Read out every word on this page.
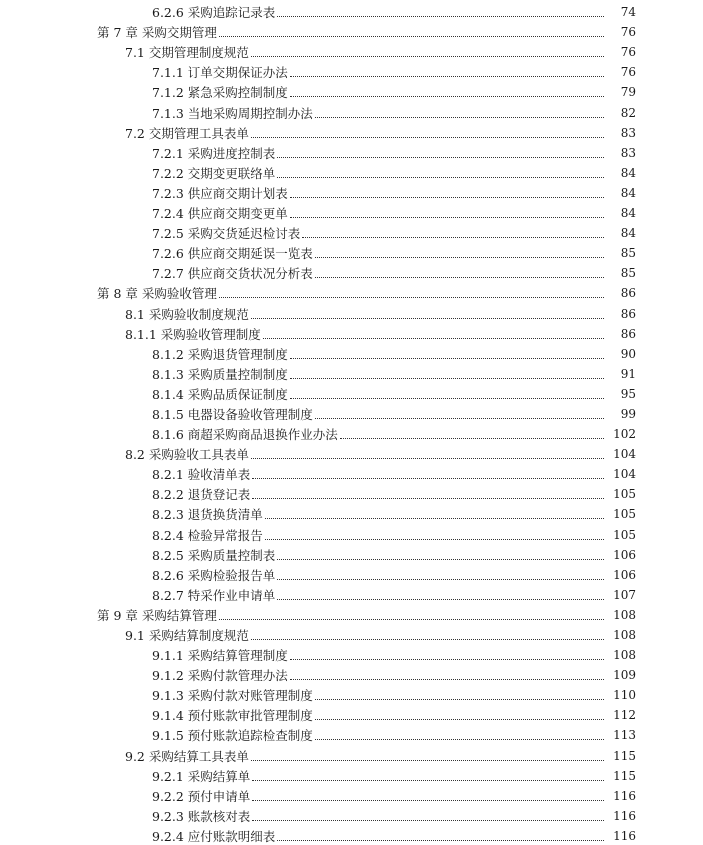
6.2.6 采购追踪记录表	74
第 7 章 采购交期管理	76
7.1 交期管理制度规范	76
7.1.1 订单交期保证办法	76
7.1.2 紧急采购控制制度	79
7.1.3 当地采购周期控制办法	82
7.2 交期管理工具表单	83
7.2.1 采购进度控制表	83
7.2.2 交期变更联络单	84
7.2.3 供应商交期计划表	84
7.2.4 供应商交期变更单	84
7.2.5 采购交货延迟检讨表	84
7.2.6 供应商交期延误一览表	85
7.2.7 供应商交货状况分析表	85
第 8 章 采购验收管理	86
8.1 采购验收制度规范	86
8.1.1 采购验收管理制度	86
8.1.2 采购退货管理制度	90
8.1.3 采购质量控制制度	91
8.1.4 采购品质保证制度	95
8.1.5 电器设备验收管理制度	99
8.1.6 商超采购商品退换作业办法	102
8.2 采购验收工具表单	104
8.2.1 验收清单表	104
8.2.2 退货登记表	105
8.2.3 退货换货清单	105
8.2.4 检验异常报告	105
8.2.5 采购质量控制表	106
8.2.6 采购检验报告单	106
8.2.7 特采作业申请单	107
第 9 章 采购结算管理	108
9.1 采购结算制度规范	108
9.1.1 采购结算管理制度	108
9.1.2 采购付款管理办法	109
9.1.3 采购付款对账管理制度	110
9.1.4 预付账款审批管理制度	112
9.1.5 预付账款追踪检查制度	113
9.2 采购结算工具表单	115
9.2.1 采购结算单	115
9.2.2 预付申请单	116
9.2.3 账款核对表	116
9.2.4 应付账款明细表	116
